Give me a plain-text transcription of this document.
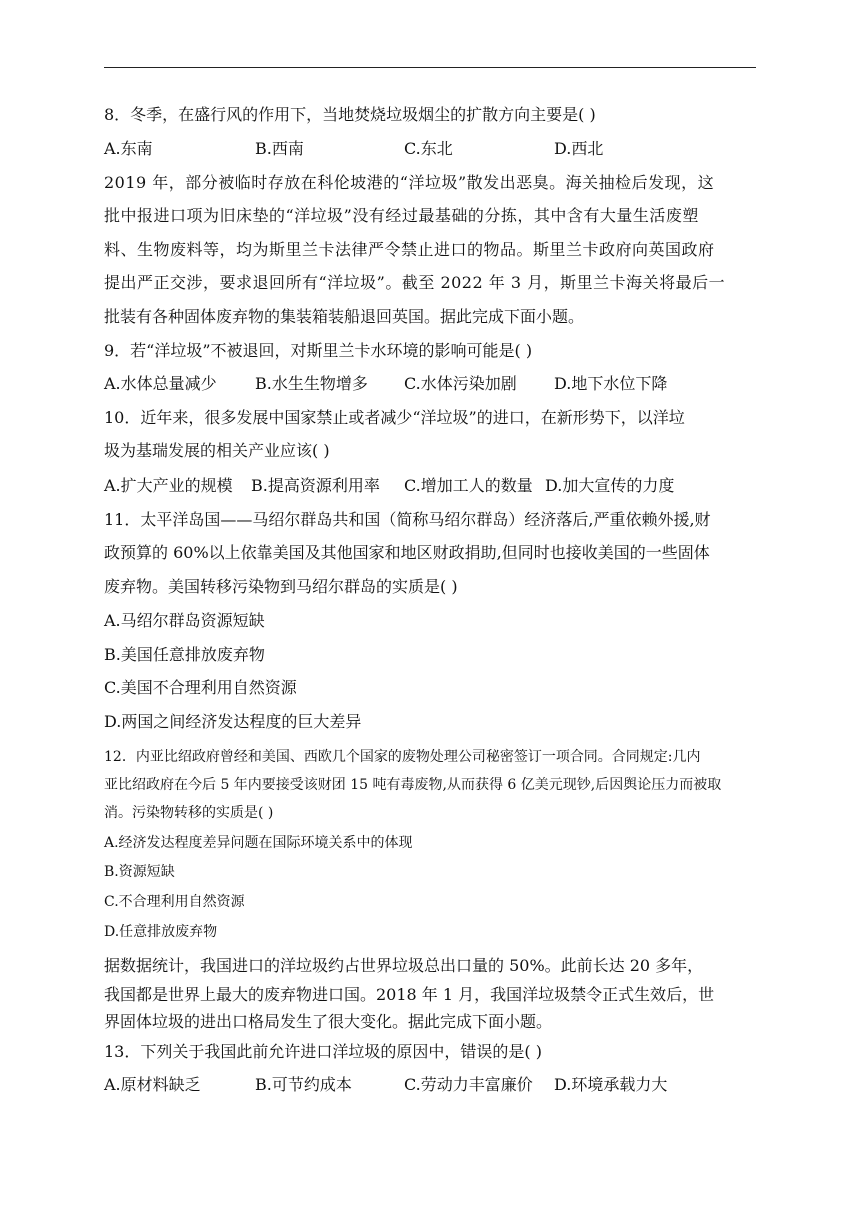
8．冬季，在盛行风的作用下，当地焚烧垃圾烟尘的扩散方向主要是( )
A.东南	B.西南	C.东北	D.西北
2019 年，部分被临时存放在科伦坡港的“洋垃圾”散发出恶臭。海关抽检后发现，这
批中报进口项为旧床垫的“洋垃圾”没有经过最基础的分拣，其中含有大量生活废塑
料、生物废料等，均为斯里兰卡法律严令禁止进口的物品。斯里兰卡政府向英国政府
提出严正交涉，要求退回所有“洋垃圾”。截至 2022 年 3 月，斯里兰卡海关将最后一
批装有各种固体废弃物的集装箱装船退回英国。据此完成下面小题。
9．若“洋垃圾”不被退回，对斯里兰卡水环境的影响可能是( )
A.水体总量减少 B.水生生物增多 C.水体污染加剧 D.地下水位下降
10．近年来，很多发展中国家禁止或者减少“洋垃圾”的进口，在新形势下，以洋垃
圾为基瑞发展的相关产业应该( )
A.扩大产业的规模 B.提高资源利用率 C.增加工人的数量 D.加大宣传的力度
11．太平洋岛国——马绍尔群岛共和国（简称马绍尔群岛）经济落后,严重依赖外援,财
政预算的 60%以上依靠美国及其他国家和地区财政捐助,但同时也接收美国的一些固体
废弃物。美国转移污染物到马绍尔群岛的实质是( )
A.马绍尔群岛资源短缺
B.美国任意排放废弃物
C.美国不合理利用自然资源
D.两国之间经济发达程度的巨大差异
12．内亚比绍政府曾经和美国、西欧几个国家的废物处理公司秘密签订一项合同。合同规定:几内
亚比绍政府在今后 5 年内要接受该财团 15 吨有毒废物,从而获得 6 亿美元现钞,后因舆论压力而被取
消。污染物转移的实质是( )
A.经济发达程度差异问题在国际环境关系中的体现
B.资源短缺
C.不合理利用自然资源
D.任意排放废弃物
据数据统计，我国进口的洋垃圾约占世界垃圾总出口量的 50%。此前长达 20 多年，
我国都是世界上最大的废弃物进口国。2018 年 1 月，我国洋垃圾禁令正式生效后，世
界固体垃圾的进出口格局发生了很大变化。据此完成下面小题。
13．下列关于我国此前允许进口洋垃圾的原因中，错误的是( )
A.原材料缺乏	B.可节约成本	C.劳动力丰富廉价 D.环境承载力大
